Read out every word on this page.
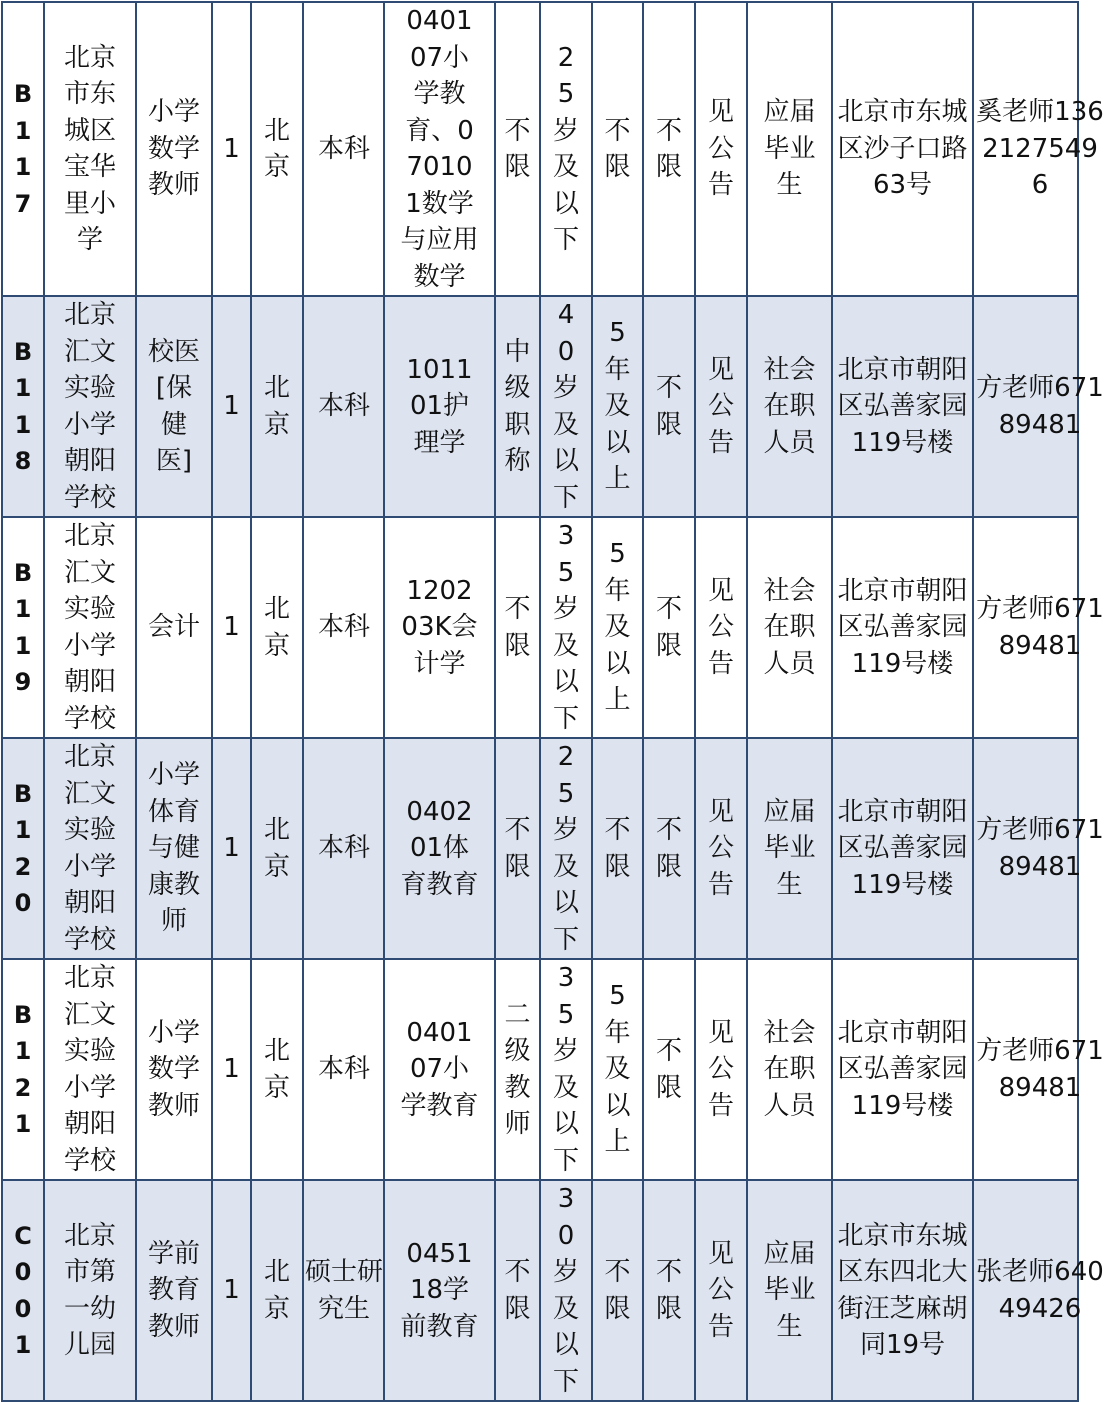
B117	北京市东城区宝华里小学	小学数学教师	1	北京	本科	040107小学教育、070101数学与应用数学	不限	25岁及以下	不限	不限	见公告	应届毕业生	北京市东城区沙子口路63号	奚老师13621275496
B118	北京汇文实验小学朝阳学校	校医[保健医]	1	北京	本科	101101护理学	中级职称	40岁及以下	5年及以上	不限	见公告	社会在职人员	北京市朝阳区弘善家园119号楼	方老师67189481
B119	北京汇文实验小学朝阳学校	会计	1	北京	本科	120203K会计学	不限	35岁及以下	5年及以上	不限	见公告	社会在职人员	北京市朝阳区弘善家园119号楼	方老师67189481
B120	北京汇文实验小学朝阳学校	小学体育与健康教师	1	北京	本科	040201体育教育	不限	25岁及以下	不限	不限	见公告	应届毕业生	北京市朝阳区弘善家园119号楼	方老师67189481
B121	北京汇文实验小学朝阳学校	小学数学教师	1	北京	本科	040107小学教育	二级教师	35岁及以下	5年及以上	不限	见公告	社会在职人员	北京市朝阳区弘善家园119号楼	方老师67189481
C001	北京市第一幼儿园	学前教育教师	1	北京	硕士研究生	045118学前教育	不限	30岁及以下	不限	不限	见公告	应届毕业生	北京市东城区东四北大街汪芝麻胡同19号	张老师64049426
